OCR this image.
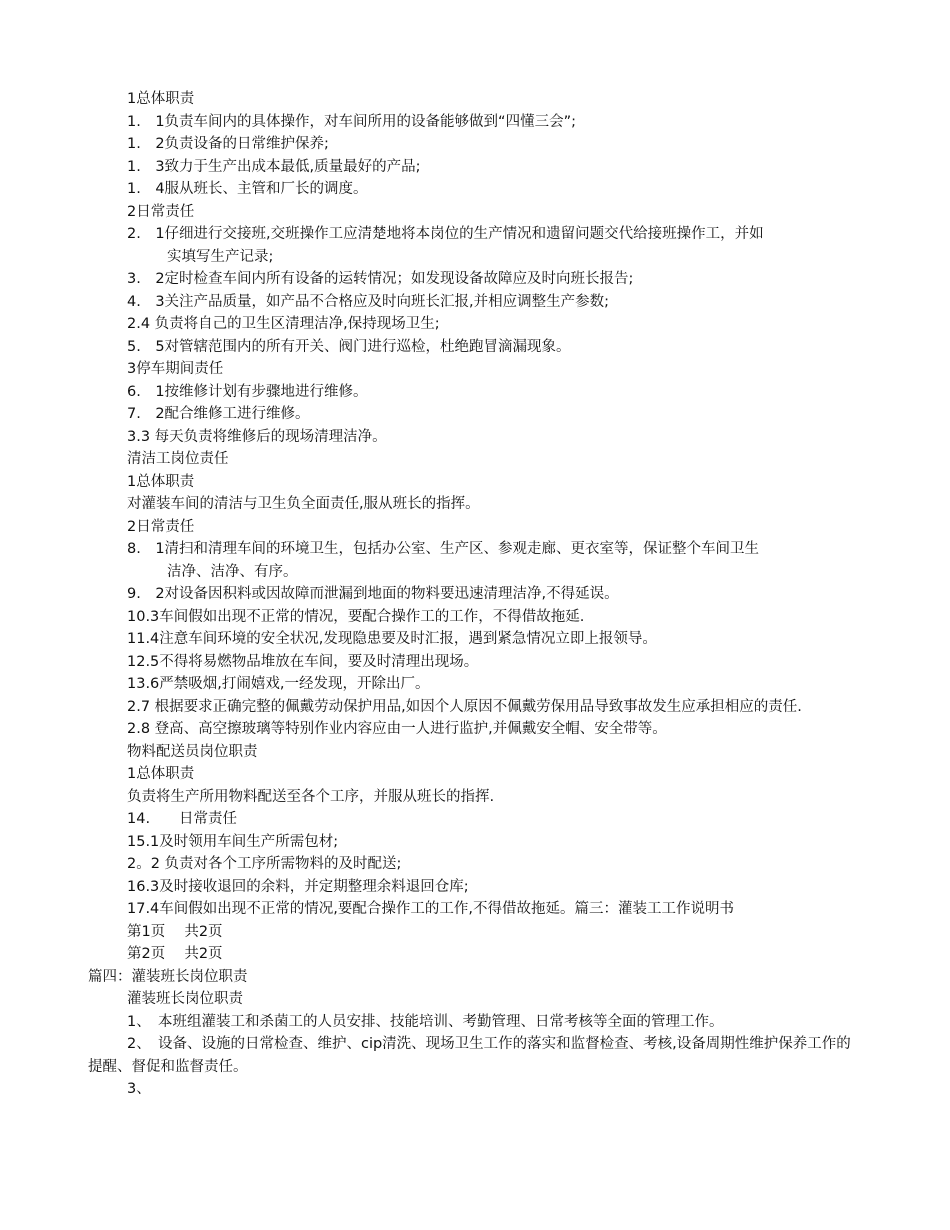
1总体职责

1.　1负责车间内的具体操作，对车间所用的设备能够做到“四懂三会”;

1.　2负责设备的日常维护保养;

1.　3致力于生产出成本最低,质量最好的产品;

1.　4服从班长、主管和厂长的调度。

2日常责任

2.　1仔细进行交接班,交班操作工应清楚地将本岗位的生产情况和遗留问题交代给接班操作工，并如
实填写生产记录;

3.　2定时检查车间内所有设备的运转情况；如发现设备故障应及时向班长报告;

4.　3关注产品质量，如产品不合格应及时向班长汇报,并相应调整生产参数;

2.4 负责将自己的卫生区清理洁净,保持现场卫生;

5.　5对管辖范围内的所有开关、阀门进行巡检，杜绝跑冒滴漏现象。

3停车期间责任

6.　1按维修计划有步骤地进行维修。

7.　2配合维修工进行维修。

3.3 每天负责将维修后的现场清理洁净。

清洁工岗位责任

1总体职责

对灌装车间的清洁与卫生负全面责任,服从班长的指挥。

2日常责任

8.　1清扫和清理车间的环境卫生，包括办公室、生产区、参观走廊、更衣室等，保证整个车间卫生
洁净、洁净、有序。

9.　2对设备因积料或因故障而泄漏到地面的物料要迅速清理洁净,不得延误。

10.3车间假如出现不正常的情况，要配合操作工的工作，不得借故拖延.

11.4注意车间环境的安全状况,发现隐患要及时汇报，遇到紧急情况立即上报领导。

12.5不得将易燃物品堆放在车间，要及时清理出现场。

13.6严禁吸烟,打闹嬉戏,一经发现，开除出厂。

2.7 根据要求正确完整的佩戴劳动保护用品,如因个人原因不佩戴劳保用品导致事故发生应承担相应的责任.

2.8 登高、高空擦玻璃等特别作业内容应由一人进行监护,并佩戴安全帽、安全带等。

物料配送员岗位职责

1总体职责

负责将生产所用物料配送至各个工序，并服从班长的指挥.

14.　　日常责任

15.1及时领用车间生产所需包材;

2。2 负责对各个工序所需物料的及时配送;

16.3及时接收退回的余料，并定期整理余料退回仓库;

17.4车间假如出现不正常的情况,要配合操作工的工作,不得借故拖延。篇三：灌装工工作说明书

第1页　 共2页

第2页　 共2页

篇四：灌装班长岗位职责

灌装班长岗位职责

1、　本班组灌装工和杀菌工的人员安排、技能培训、考勤管理、日常考核等全面的管理工作。

2、　设备、设施的日常检查、维护、cip清洗、现场卫生工作的落实和监督检查、考核,设备周期性维护保养工作的提醒、督促和监督责任。

3、
